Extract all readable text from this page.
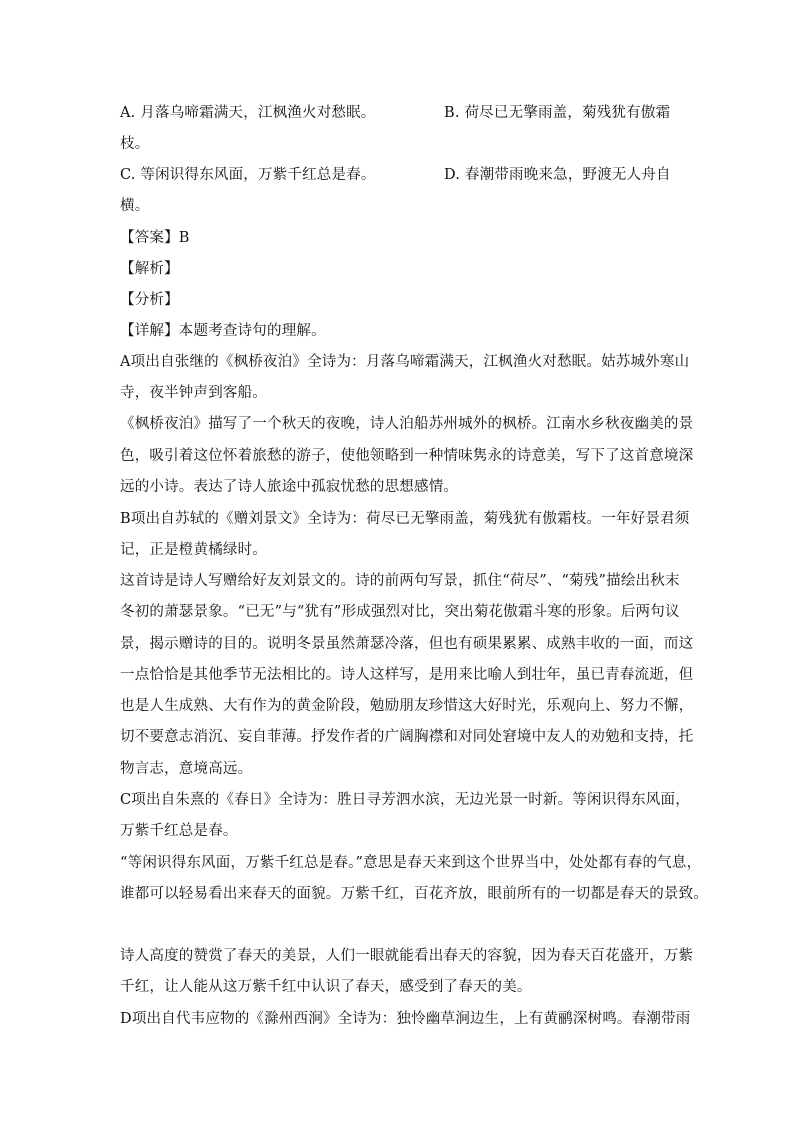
A. 月落乌啼霜满天，江枫渔火对愁眠。	B. 荷尽已无擎雨盖，菊残犹有傲霜

枝。

C. 等闲识得东风面，万紫千红总是春。	D. 春潮带雨晚来急，野渡无人舟自

横。

【答案】B

【解析】

【分析】

【详解】本题考查诗句的理解。

A项出自张继的《枫桥夜泊》全诗为：月落乌啼霜满天，江枫渔火对愁眠。姑苏城外寒山

寺，夜半钟声到客船。

《枫桥夜泊》描写了一个秋天的夜晚，诗人泊船苏州城外的枫桥。江南水乡秋夜幽美的景

色，吸引着这位怀着旅愁的游子，使他领略到一种情味隽永的诗意美，写下了这首意境深

远的小诗。表达了诗人旅途中孤寂忧愁的思想感情。

B项出自苏轼的《赠刘景文》全诗为：荷尽已无擎雨盖，菊残犹有傲霜枝。一年好景君须

记，正是橙黄橘绿时。

这首诗是诗人写赠给好友刘景文的。诗的前两句写景，抓住“荷尽”、“菊残”描绘出秋末

冬初的萧瑟景象。“已无”与“犹有”形成强烈对比，突出菊花傲霜斗寒的形象。后两句议

景，揭示赠诗的目的。说明冬景虽然萧瑟冷落，但也有硕果累累、成熟丰收的一面，而这

一点恰恰是其他季节无法相比的。诗人这样写，是用来比喻人到壮年，虽已青春流逝，但

也是人生成熟、大有作为的黄金阶段，勉励朋友珍惜这大好时光，乐观向上、努力不懈，

切不要意志消沉、妄自菲薄。抒发作者的广阔胸襟和对同处窘境中友人的劝勉和支持，托

物言志，意境高远。

C项出自朱熹的《春日》全诗为：胜日寻芳泗水滨，无边光景一时新。等闲识得东风面，

万紫千红总是春。

“等闲识得东风面，万紫千红总是春。”意思是春天来到这个世界当中，处处都有春的气息，

谁都可以轻易看出来春天的面貌。万紫千红，百花齐放，眼前所有的一切都是春天的景致。

诗人高度的赞赏了春天的美景，人们一眼就能看出春天的容貌，因为春天百花盛开，万紫

千红，让人能从这万紫千红中认识了春天，感受到了春天的美。

D项出自代韦应物的《滁州西涧》全诗为：独怜幽草涧边生，上有黄鹂深树鸣。春潮带雨
